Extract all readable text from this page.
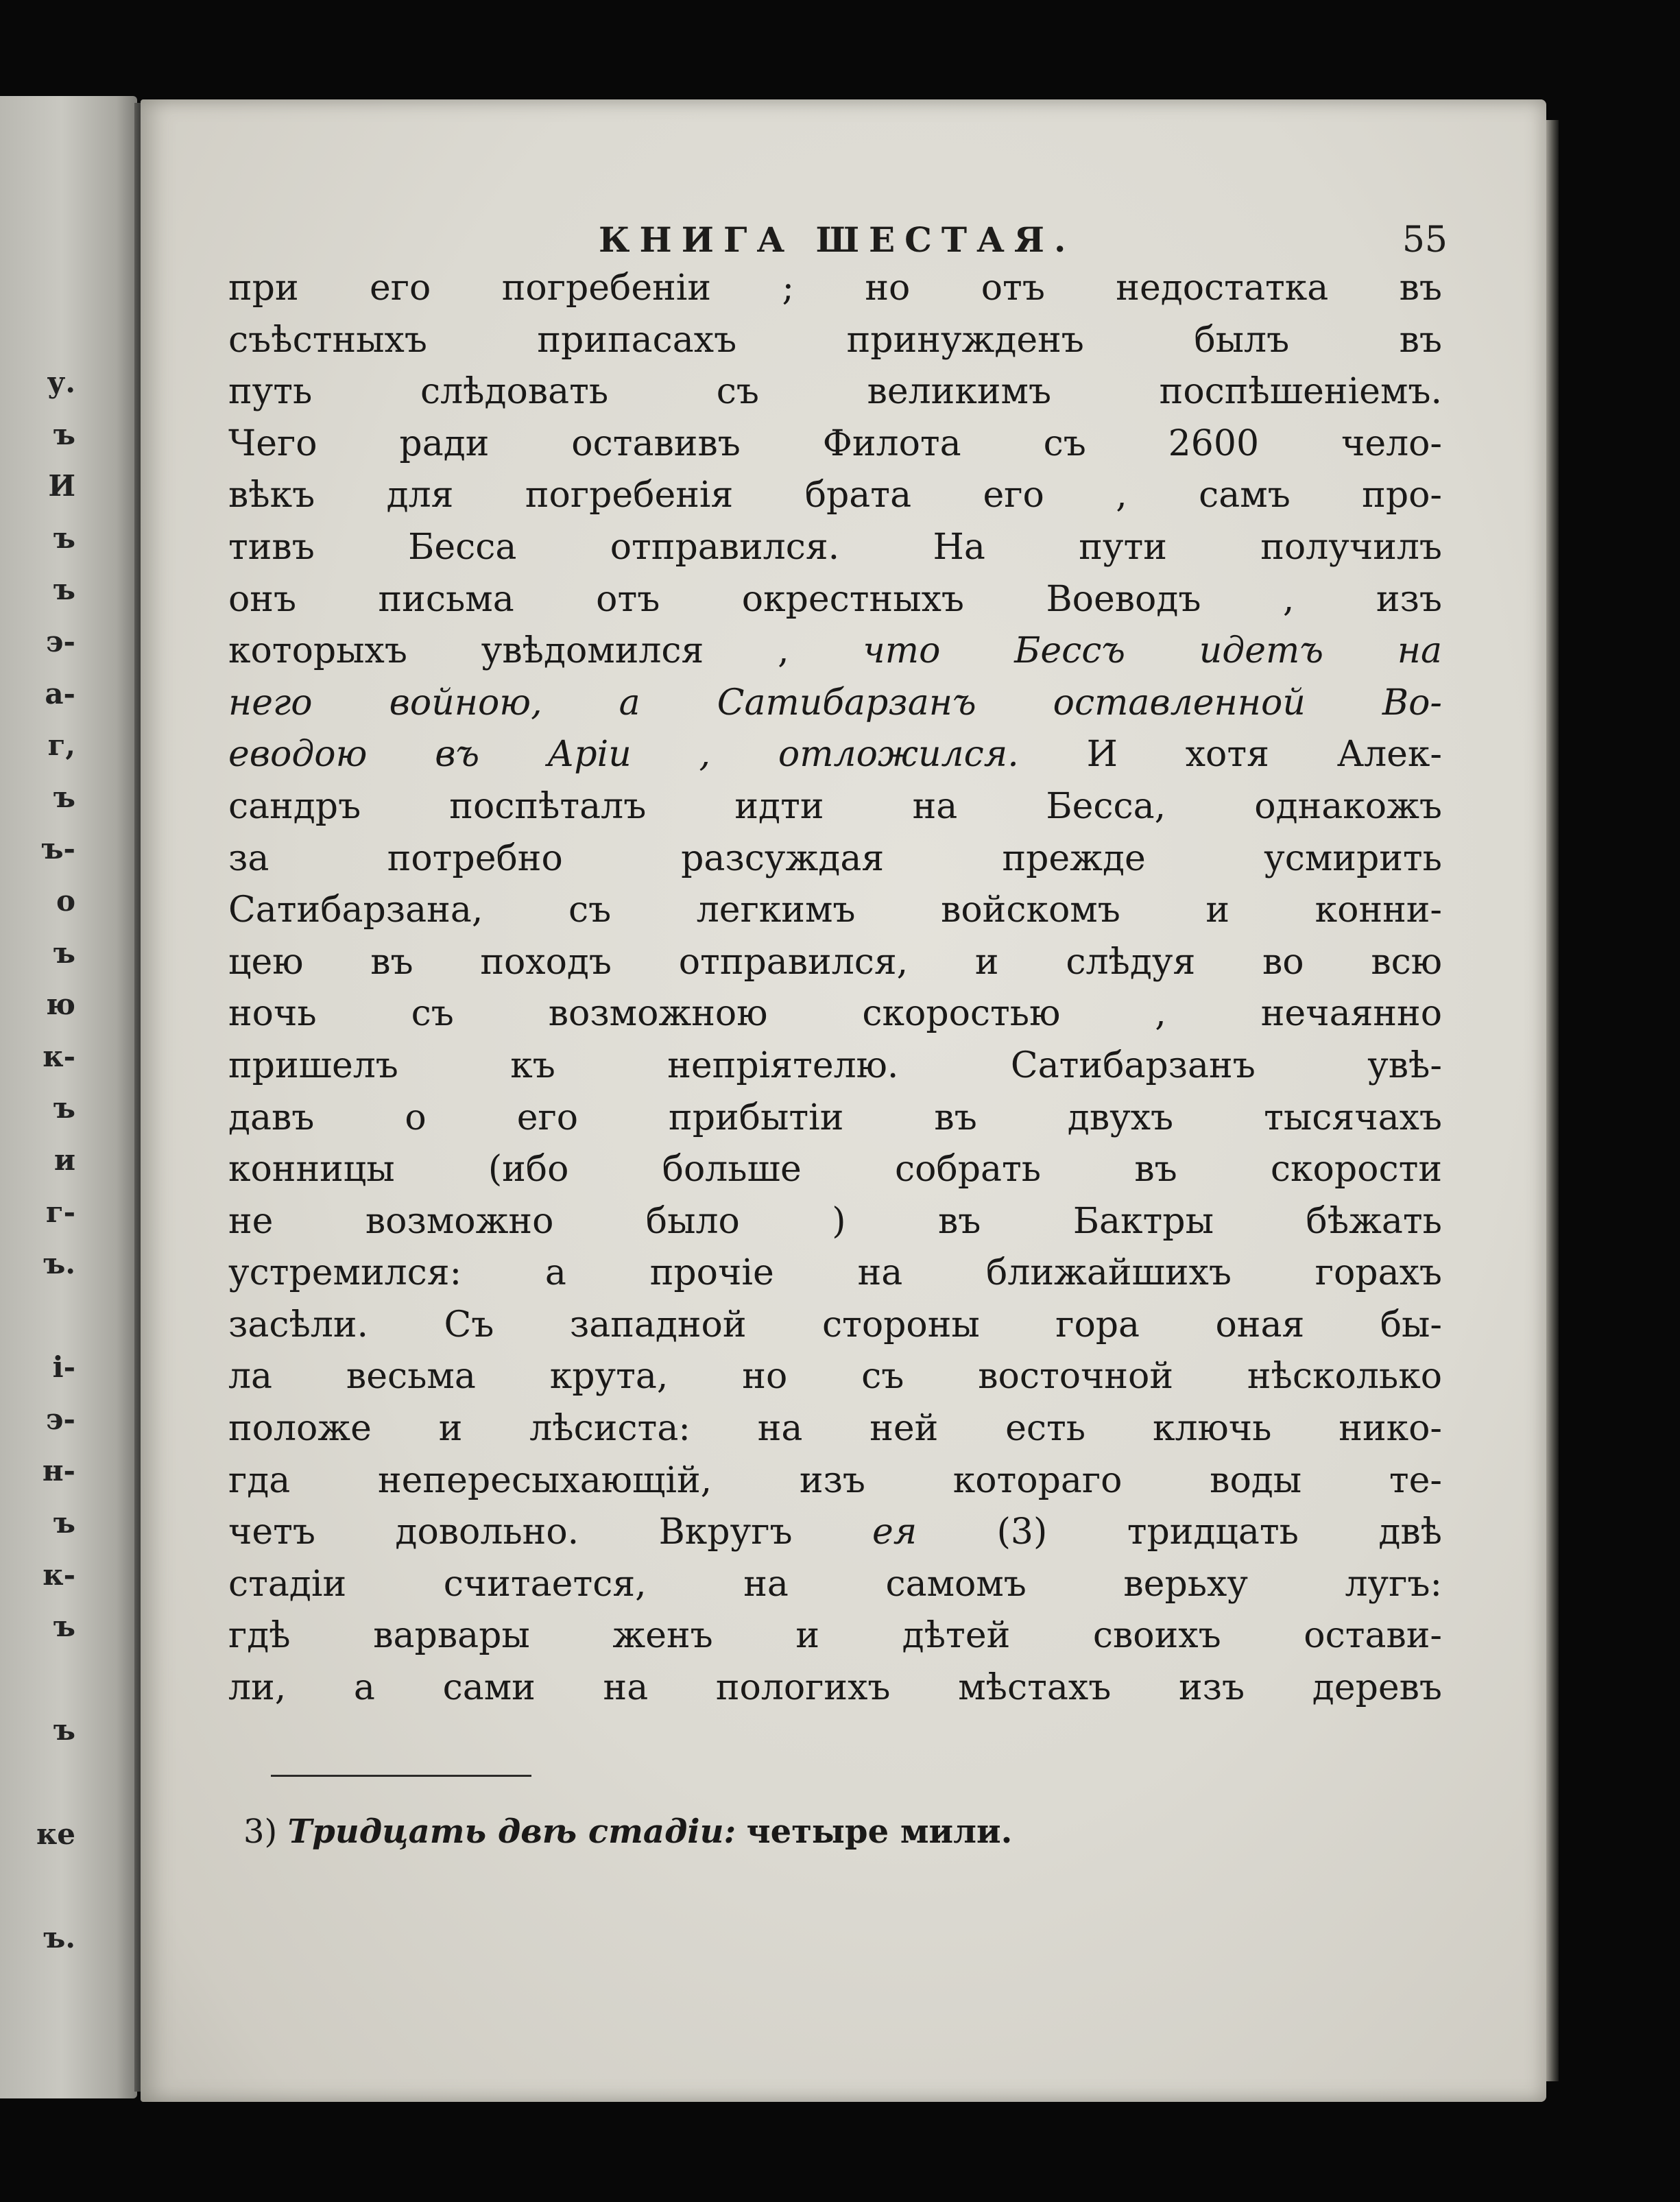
у.
ъ
И
ъ
ъ
э-
а-
г,
ъ
ъ-
о
ъ
ю
к-
ъ
и
г-
ъ.
і-
э-
н-
ъ
к-
ъ
ъ
ке
ъ.
КНИГА ШЕСТАЯ.	55
при его погребеніи ; но отъ недостатка въ
съѣстныхъ припасахъ принужденъ былъ въ
путь слѣдовать съ великимъ поспѣшеніемъ.
Чего ради оставивъ Филота съ 2600 чело-
вѣкъ для погребенія брата его , самъ про-
тивъ Бесса отправился. На пути получилъ
онъ письма отъ окрестныхъ Воеводъ , изъ
которыхъ увѣдомился , что Бессъ идетъ на
него войною, а Сатибарзанъ оставленной Во-
еводою въ Аріи , отложился. И хотя Алек-
сандръ поспѣталъ идти на Бесса, однакожъ
за потребно разсуждая прежде усмирить
Сатибарзана, съ легкимъ войскомъ и конни-
цею въ походъ отправился, и слѣдуя во всю
ночь съ возможною скоростью , нечаянно
пришелъ къ непріятелю. Сатибарзанъ увѣ-
давъ о его прибытіи въ двухъ тысячахъ
конницы (ибо больше собрать въ скорости
не возможно было ) въ Бактры бѣжать
устремился: а прочіе на ближайшихъ горахъ
засѣли. Съ западной стороны гора оная бы-
ла весьма крута, но съ восточной нѣсколько
положе и лѣсиста: на ней есть ключь нико-
гда непересыхающій, изъ котораго воды те-
четъ довольно. Вкругъ ея (3) тридцать двѣ
стадіи считается, на самомъ верьху лугъ:
гдѣ варвары женъ и дѣтей своихъ остави-
ли, а сами на пологихъ мѣстахъ изъ деревъ
3) Тридцать двѣ стадіи: четыре мили.
